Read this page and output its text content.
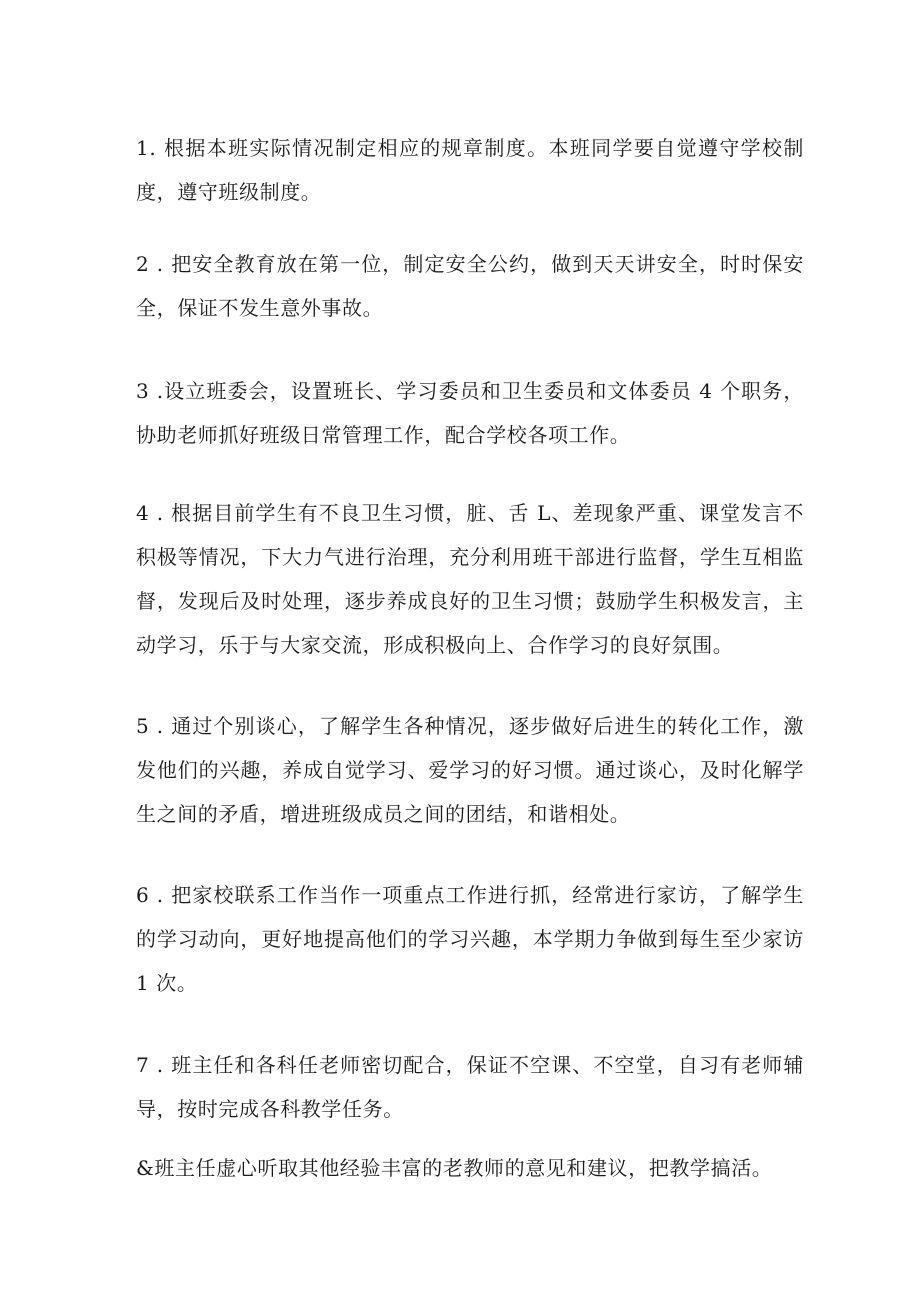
1. 根据本班实际情况制定相应的规章制度。本班同学要自觉遵守学校制度，遵守班级制度。

2 . 把安全教育放在第一位，制定安全公约，做到天天讲安全，时时保安全，保证不发生意外事故。

3 .设立班委会，设置班长、学习委员和卫生委员和文体委员 4 个职务，协助老师抓好班级日常管理工作，配合学校各项工作。

4 . 根据目前学生有不良卫生习惯，脏、舌 L、差现象严重、课堂发言不积极等情况，下大力气进行治理，充分利用班干部进行监督，学生互相监督，发现后及时处理，逐步养成良好的卫生习惯；鼓励学生积极发言，主动学习，乐于与大家交流，形成积极向上、合作学习的良好氛围。

5 . 通过个别谈心，了解学生各种情况，逐步做好后进生的转化工作，激发他们的兴趣，养成自觉学习、爱学习的好习惯。通过谈心，及时化解学生之间的矛盾，增进班级成员之间的团结，和谐相处。

6 . 把家校联系工作当作一项重点工作进行抓，经常进行家访，了解学生的学习动向，更好地提高他们的学习兴趣，本学期力争做到每生至少家访 1 次。

7 . 班主任和各科任老师密切配合，保证不空课、不空堂，自习有老师辅导，按时完成各科教学任务。

&班主任虚心听取其他经验丰富的老教师的意见和建议，把教学搞活。
